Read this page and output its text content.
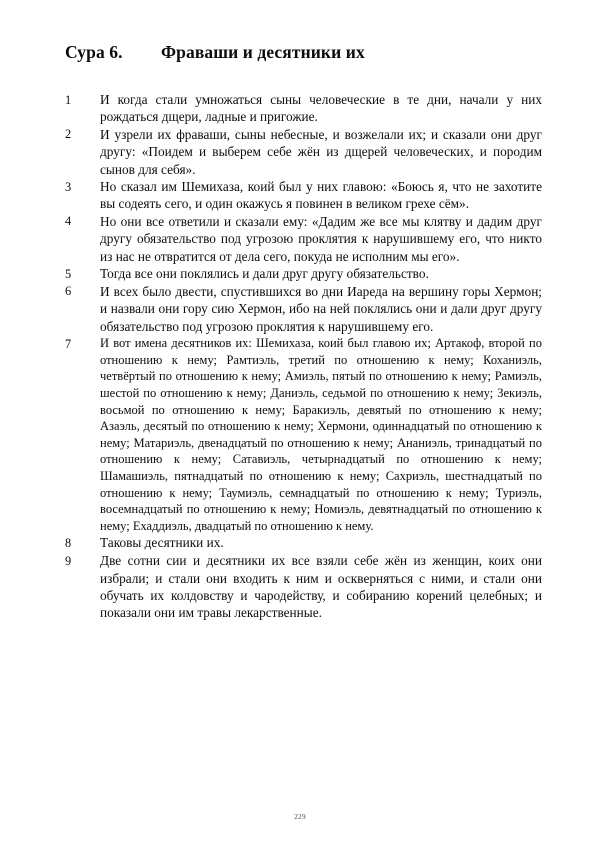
Сура 6. Фраваши и десятники их
1	И когда стали умножаться сыны человеческие в те дни, начали у них рождаться дщери, ладные и пригожие.
2	И узрели их фраваши, сыны небесные, и возжелали их; и сказали они друг другу: «Поидем и выберем себе жён из дщерей человеческих, и породим сынов для себя».
3	Но сказал им Шемихаза, коий был у них главою: «Боюсь я, что не захотите вы содеять сего, и один окажусь я повинен в великом грехе сём».
4	Но они все ответили и сказали ему: «Дадим же все мы клятву и дадим друг другу обязательство под угрозою проклятия к нарушившему его, что никто из нас не отвратится от дела сего, покуда не исполним мы его».
5	Тогда все они поклялись и дали друг другу обязательство.
6	И всех было двести, спустившихся во дни Иареда на вершину горы Хермон; и назвали они гору сию Хермон, ибо на ней поклялись они и дали друг другу обязательство под угрозою проклятия к нарушившему его.
7	И вот имена десятников их: Шемихаза, коий был главою их; Артакоф, второй по отношению к нему; Рамтиэль, третий по отношению к нему; Коханиэль, четвёртый по отношению к нему; Амиэль, пятый по отношению к нему; Рамиэль, шестой по отношению к нему; Даниэль, седьмой по отношению к нему; Зекиэль, восьмой по отношению к нему; Баракиэль, девятый по отношению к нему; Азаэль, десятый по отношению к нему; Хермони, одиннадцатый по отношению к нему; Матариэль, двенадцатый по отношению к нему; Ананиэль, тринадцатый по отношению к нему; Сатавиэль, четырнадцатый по отношению к нему; Шамашиэль, пятнадцатый по отношению к нему; Сахриэль, шестнадцатый по отношению к нему; Таумиэль, семнадцатый по отношению к нему; Туриэль, восемнадцатый по отношению к нему; Номиэль, девятнадцатый по отношению к нему; Ехаддиэль, двадцатый по отношению к нему.
8	Таковы десятники их.
9	Две сотни сии и десятники их все взяли себе жён из женщин, коих они избрали; и стали они входить к ним и оскверняться с ними, и стали они обучать их колдовству и чародейству, и собиранию корений целебных; и показали они им травы лекарственные.
229
